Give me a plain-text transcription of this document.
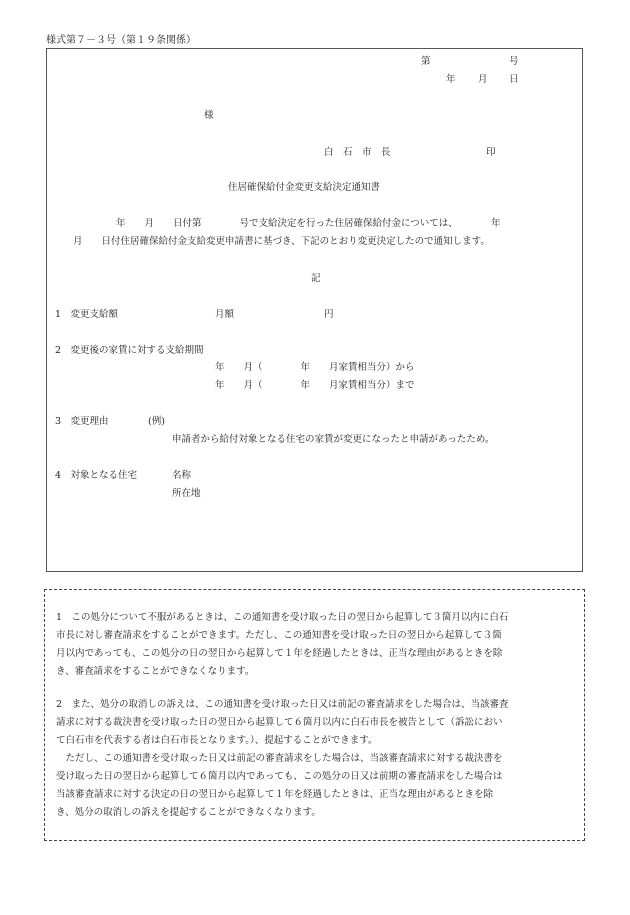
様式第７－３号（第１９条関係）
第	号
年 月 日
様
白　石　市　長	印
住居確保給付金変更支給決定通知書
年　　月　　日付第　　　　号で支給決定を行った住居確保給付金については、　　　　年
月　　日付住居確保給付金支給変更申請書に基づき、下記のとおり変更決定したので通知します。
記
1　変更支給額	月額	円
2　変更後の家賃に対する支給期間
年　　月（　　　　年　　月家賃相当分）から
年　　月（　　　　年　　月家賃相当分）まで
3　変更理由	(例)
申請者から給付対象となる住宅の家賃が変更になったと申請があったため。
4　対象となる住宅	名称
所在地
1　この処分について不服があるときは、この通知書を受け取った日の翌日から起算して３箇月以内に白石
市長に対し審査請求をすることができます。ただし、この通知書を受け取った日の翌日から起算して３箇
月以内であっても、この処分の日の翌日から起算して１年を経過したときは、正当な理由があるときを除
き、審査請求をすることができなくなります。
2　また、処分の取消しの訴えは、この通知書を受け取った日又は前記の審査請求をした場合は、当該審査
請求に対する裁決書を受け取った日の翌日から起算して６箇月以内に白石市長を被告として（訴訟におい
て白石市を代表する者は白石市長となります。）、提起することができます。
　ただし、この通知書を受け取った日又は前記の審査請求をした場合は、当該審査請求に対する裁決書を
受け取った日の翌日から起算して６箇月以内であっても、この処分の日又は前期の審査請求をした場合は
当該審査請求に対する決定の日の翌日から起算して１年を経過したときは、正当な理由があるときを除
き、処分の取消しの訴えを提起することができなくなります。
